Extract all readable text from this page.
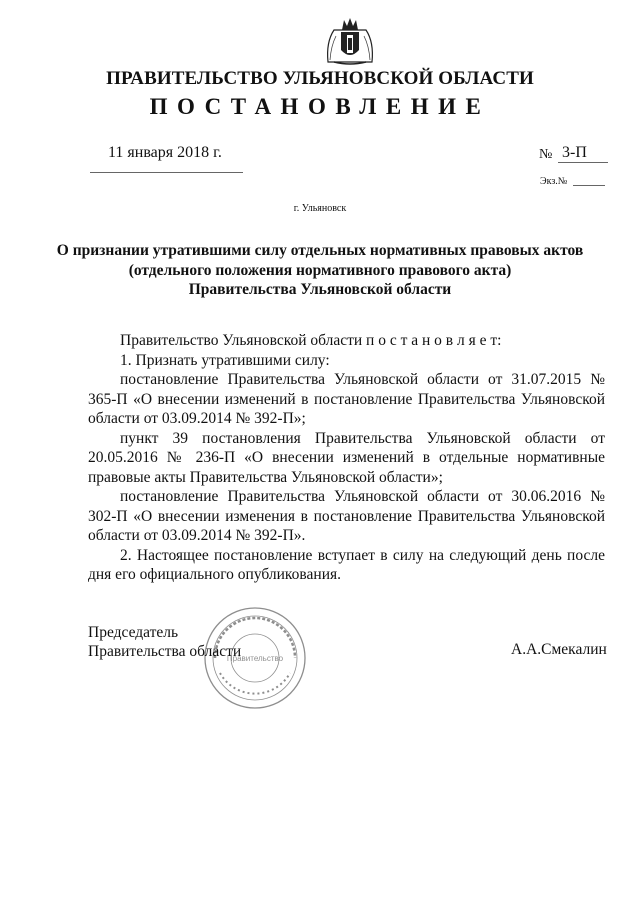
ПРАВИТЕЛЬСТВО УЛЬЯНОВСКОЙ ОБЛАСТИ
ПОСТАНОВЛЕНИЕ
11 января 2018 г.	№ 3-П
Экз.№
г. Ульяновск
О признании утратившими силу отдельных нормативных правовых актов
(отдельного положения нормативного правового акта)
Правительства Ульяновской области

Правительство Ульяновской области п о с т а н о в л я е т:

1. Признать утратившими силу:

постановление Правительства Ульяновской области от 31.07.2015 № 365-П «О внесении изменений в постановление Правительства Ульяновской области от 03.09.2014 № 392-П»;

пункт 39 постановления Правительства Ульяновской области от 20.05.2016 № 236-П «О внесении изменений в отдельные нормативные правовые акты Правительства Ульяновской области»;

постановление Правительства Ульяновской области от 30.06.2016 № 302-П «О внесении изменения в постановление Правительства Ульяновской области от 03.09.2014 № 392-П».

2. Настоящее постановление вступает в силу на следующий день после дня его официального опубликования.

Правительство
Председатель
Правительства области	А.А.Смекалин
